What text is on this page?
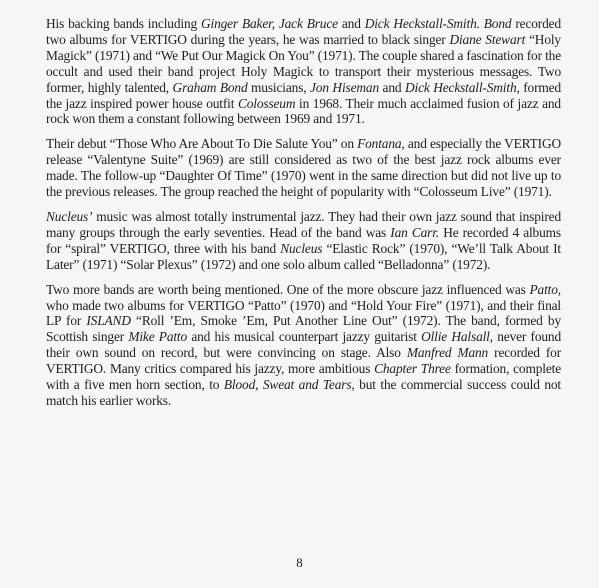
His backing bands including Ginger Baker, Jack Bruce and Dick Heckstall-Smith. Bond recorded two albums for VERTIGO during the years, he was married to black singer Diane Stewart “Holy Magick” (1971) and “We Put Our Magick On You” (1971). The couple shared a fascination for the occult and used their band project Holy Magick to transport their mysterious messages. Two former, highly talented, Graham Bond musicians, Jon Hiseman and Dick Heckstall-Smith, formed the jazz inspired power house outfit Colosseum in 1968. Their much acclaimed fusion of jazz and rock won them a constant following between 1969 and 1971.

Their debut “Those Who Are About To Die Salute You” on Fontana, and especially the VERTIGO release “Valentyne Suite” (1969) are still considered as two of the best jazz rock albums ever made. The follow-up “Daughter Of Time” (1970) went in the same direction but did not live up to the previous releases. The group reached the height of popularity with “Colosseum Live” (1971).

Nucleus’ music was almost totally instrumental jazz. They had their own jazz sound that inspired many groups through the early seventies. Head of the band was Ian Carr. He recorded 4 albums for “spiral” VERTIGO, three with his band Nucleus “Elastic Rock” (1970), “We’ll Talk About It Later” (1971) “Solar Plexus” (1972) and one solo album called “Belladonna” (1972).

Two more bands are worth being mentioned. One of the more obscure jazz influenced was Patto, who made two albums for VERTIGO “Patto” (1970) and “Hold Your Fire” (1971), and their final LP for ISLAND “Roll ’Em, Smoke ’Em, Put Another Line Out” (1972). The band, formed by Scottish singer Mike Patto and his musical counterpart jazzy guitarist Ollie Halsall, never found their own sound on record, but were convincing on stage. Also Manfred Mann recorded for VERTIGO. Many critics compared his jazzy, more ambitious Chapter Three formation, complete with a five men horn section, to Blood, Sweat and Tears, but the commercial success could not match his earlier works.

8
